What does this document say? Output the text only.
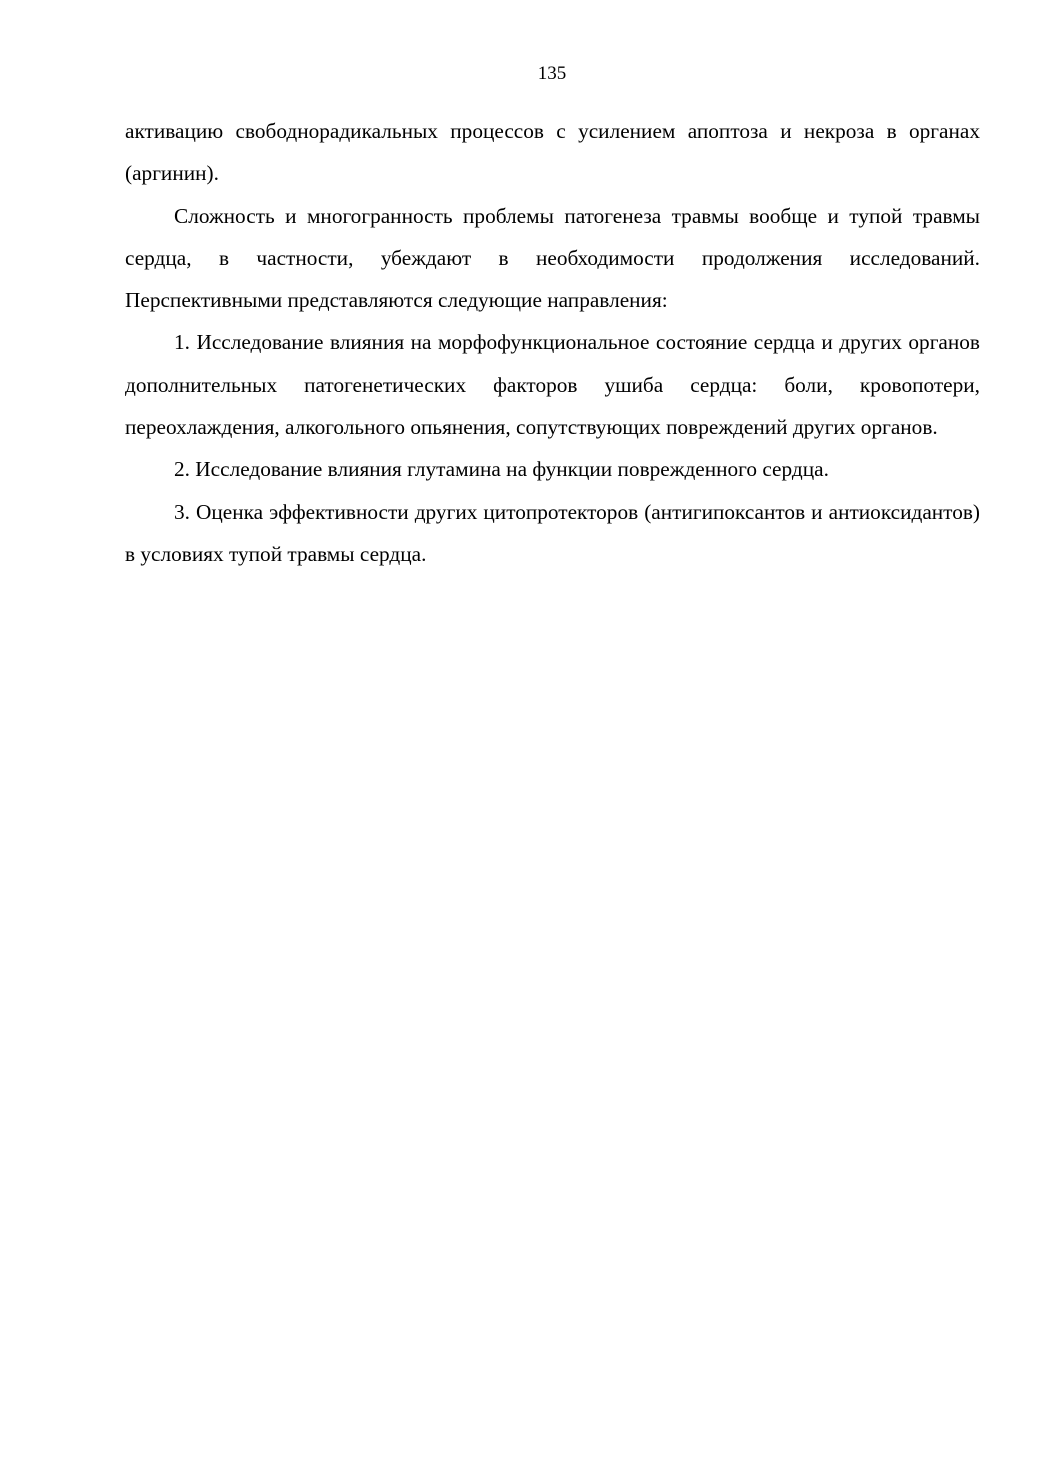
135

активацию свободнорадикальных процессов с усилением апоптоза и некроза в органах (аргинин).

Сложность и многогранность проблемы патогенеза травмы вообще и тупой травмы сердца, в частности, убеждают в необходимости продолжения исследований. Перспективными представляются следующие направления:

1. Исследование влияния на морфофункциональное состояние сердца и других органов дополнительных патогенетических факторов ушиба сердца: боли, кровопотери, переохлаждения, алкогольного опьянения, сопутствующих повреждений других органов.

2. Исследование влияния глутамина на функции поврежденного сердца.

3. Оценка эффективности других цитопротекторов (антигипоксантов и антиоксидантов) в условиях тупой травмы сердца.
